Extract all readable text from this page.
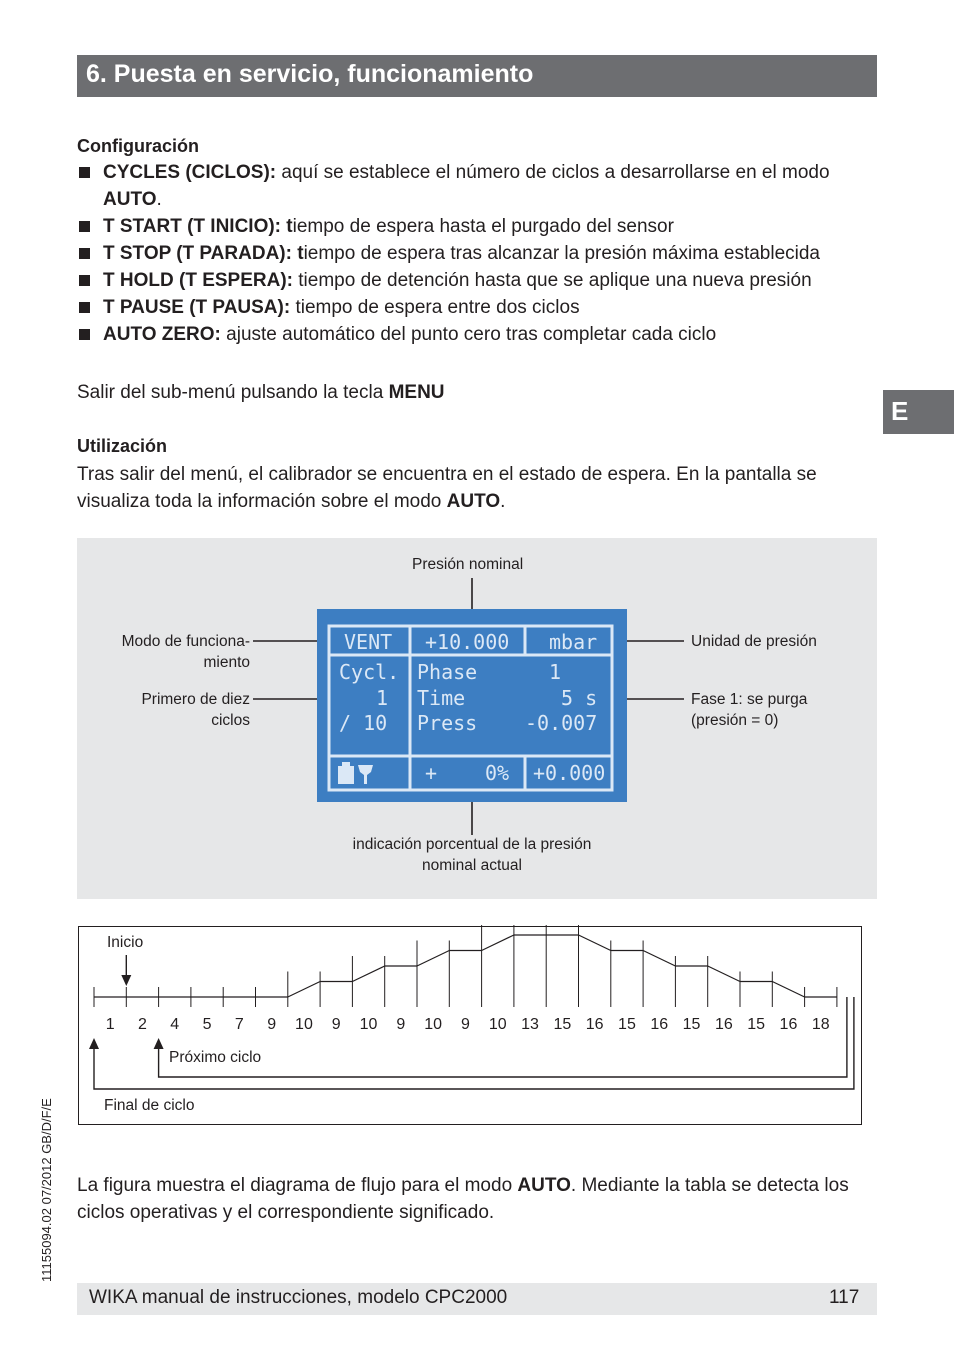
6. Puesta en servicio, funcionamiento
Configuración
CYCLES (CICLOS): aquí se establece el número de ciclos a desarrollarse en el modo AUTO.
T START (T INICIO): tiempo de espera hasta el purgado del sensor
T STOP (T PARADA): tiempo de espera tras alcanzar la presión máxima establecida
T HOLD (T ESPERA): tiempo de detención hasta que se aplique una nueva presión
T PAUSE (T PAUSA): tiempo de espera entre dos ciclos
AUTO ZERO: ajuste automático del punto cero tras completar cada ciclo
Salir del sub-menú pulsando la tecla MENU
E
Utilización
Tras salir del menú, el calibrador se encuentra en el estado de espera. En la pantalla se visualiza toda la información sobre el modo AUTO.
Presión nominal
Modo de funciona-
miento
Primero de diez
ciclos
Unidad de presión
Fase 1: se purga
(presión = 0)
indicación porcentual de la presión
nominal actual
VENT +10.000 mbar
Cycl.
1
/ 10
Phase	1
Time	5 s
Press -0.007
+ 0% +0.000
Inicio
Próximo ciclo
Final de ciclo
1 2 4 5 7 9 10 9 10 9 10 9 10 13 15 16 15 16 15 16 15 16 18
La figura muestra el diagrama de flujo para el modo AUTO. Mediante la tabla se detecta los ciclos operativas y el correspondiente significado.
11155094.02 07/2012 GB/D/F/E
WIKA manual de instrucciones, modelo CPC2000	117
